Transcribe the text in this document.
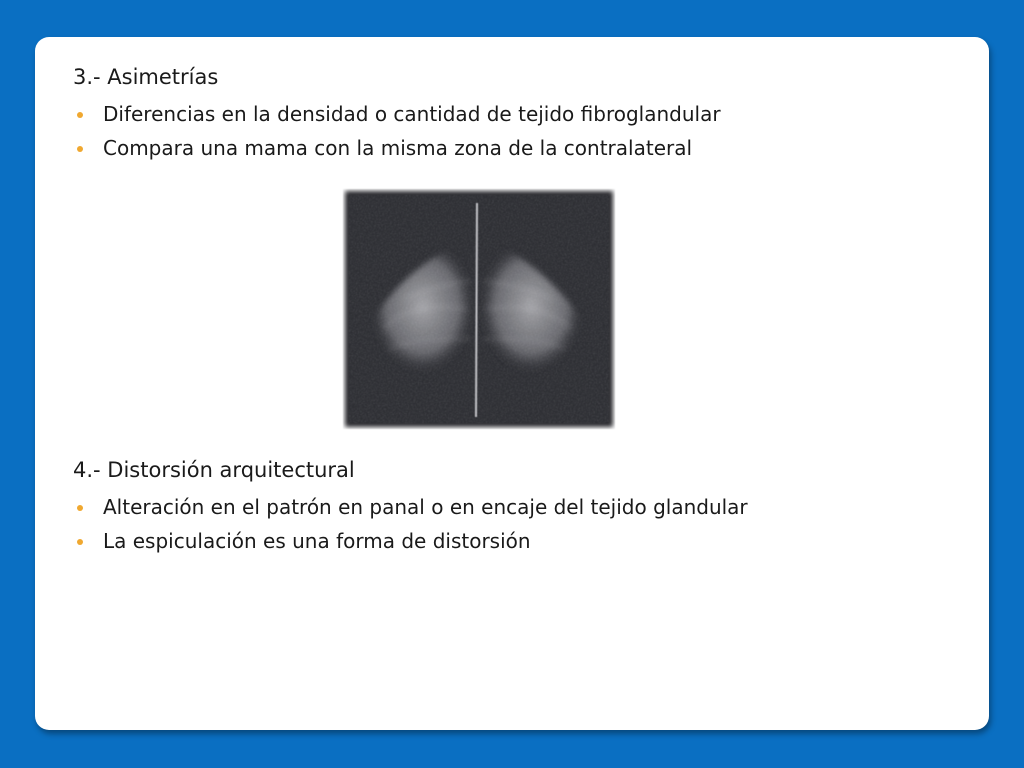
3.- Asimetrías
Diferencias en la densidad o cantidad de tejido fibroglandular
Compara una mama con la misma zona de la contralateral
4.- Distorsión arquitectural
Alteración en el patrón en panal o en encaje del tejido glandular
La espiculación es una forma de distorsión
